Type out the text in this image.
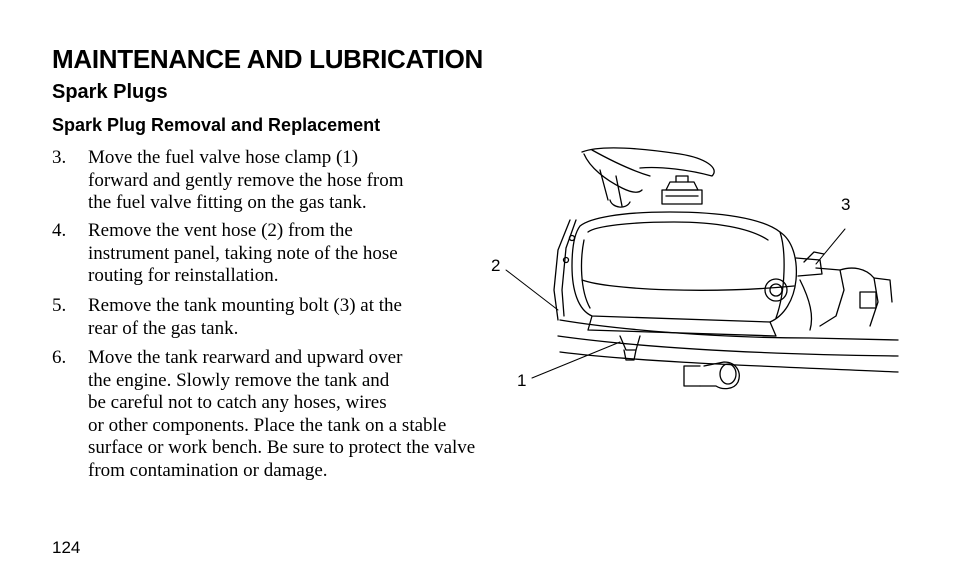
MAINTENANCE AND LUBRICATION
Spark Plugs
Spark Plug Removal and Replacement
3. Move the fuel valve hose clamp (1)
forward and gently remove the hose from
the fuel valve fitting on the gas tank.
4. Remove the vent hose (2) from the
instrument panel, taking note of the hose
routing for reinstallation.
5. Remove the tank mounting bolt (3) at the
rear of the gas tank.
6. Move the tank rearward and upward over
the engine. Slowly remove the tank and
be careful not to catch any hoses, wires
or other components. Place the tank on a stable
surface or work bench. Be sure to protect the valve
from contamination or damage.
3
2
1

124
